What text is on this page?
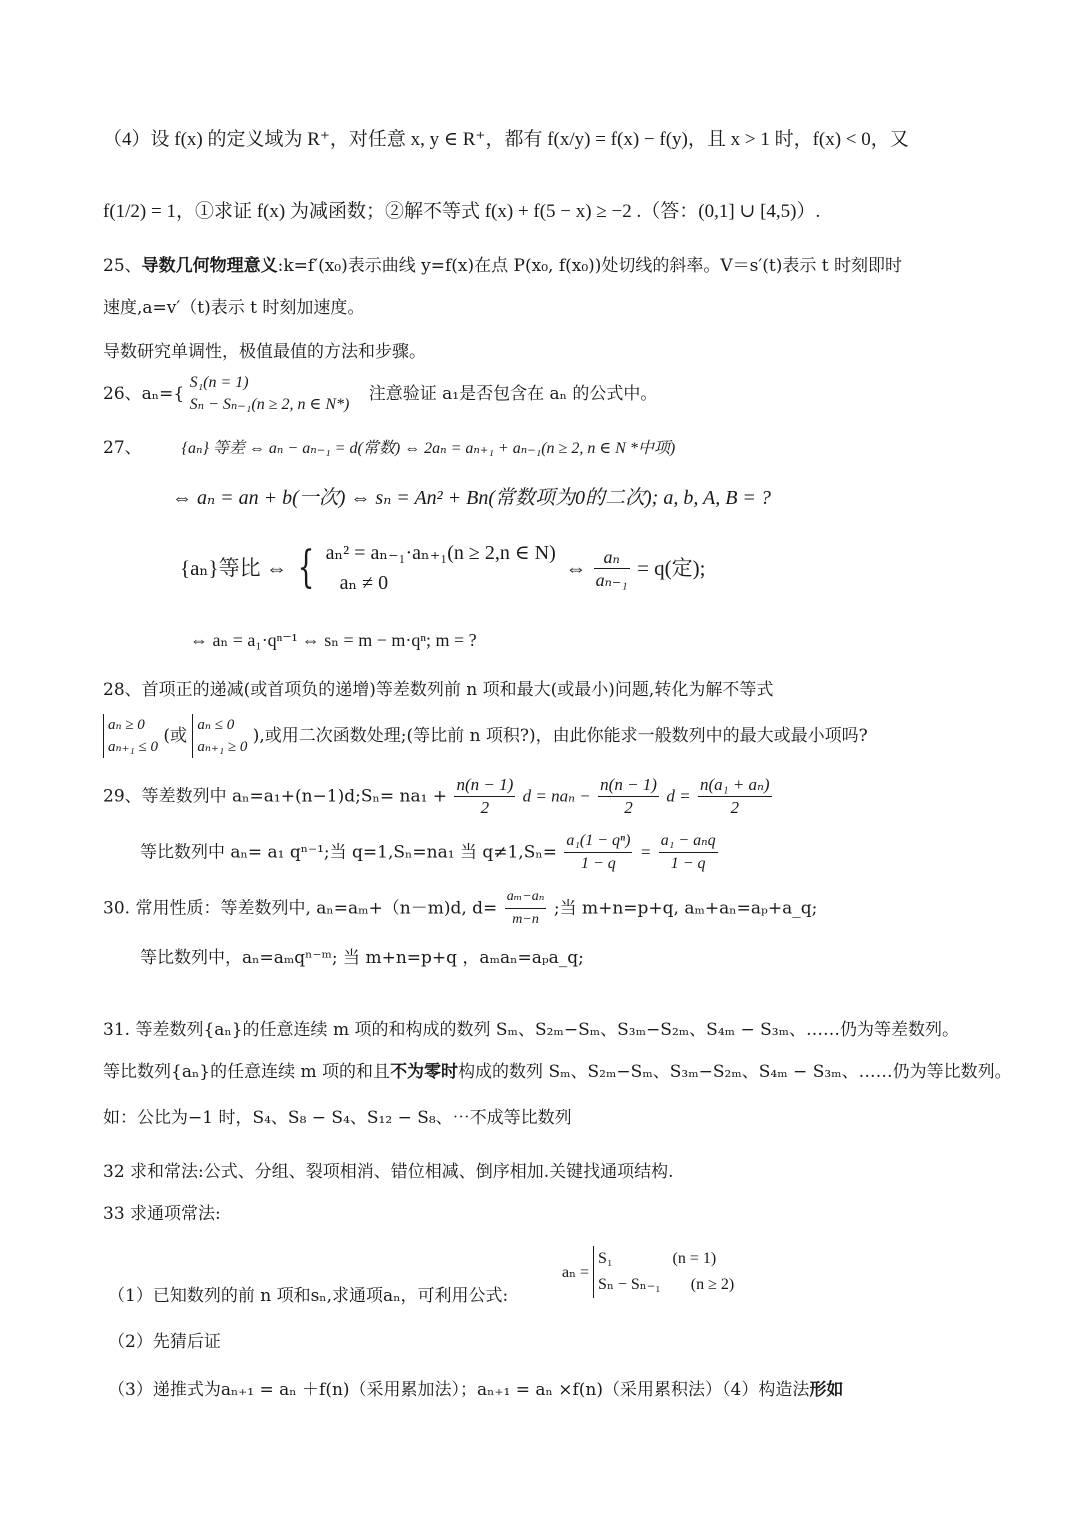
（4）设 f(x) 的定义域为 R⁺，对任意 x, y ∈ R⁺，都有 f(x/y) = f(x) − f(y)，且 x > 1 时，f(x) < 0，又
f(1/2) = 1，①求证 f(x) 为减函数；②解不等式 f(x) + f(5 − x) ≥ −2 .（答：(0,1] ∪ [4,5)）.
25、导数几何物理意义:k=f′(x₀)表示曲线 y=f(x)在点 P(x₀, f(x₀))处切线的斜率。V＝s′(t)表示 t 时刻即时
速度,a=v′（t)表示 t 时刻加速度。
导数研究单调性，极值最值的方法和步骤。
26、aₙ={
S₁(n = 1)
Sₙ − Sₙ₋₁(n ≥ 2, n ∈ N*)
注意验证 a₁是否包含在 aₙ 的公式中。
27、	{aₙ} 等差 ⇔ aₙ − aₙ₋₁ = d(常数) ⇔ 2aₙ = aₙ₊₁ + aₙ₋₁(n ≥ 2, n ∈ N *中项)
⇔ aₙ = an + b(一次) ⇔ sₙ = An² + Bn(常数项为0的二次); a, b, A, B = ?
{aₙ}等比 ⇔ { aₙ² = aₙ₋₁·aₙ₊₁(n ≥ 2,n ∈ N)
aₙ ≠ 0
⇔ $\frac{\text{aₙ}}{\text{aₙ₋₁}} = q$(定);
⇔ aₙ = a₁·qⁿ⁻¹ ⇔ sₙ = m − m·qⁿ; m = ?
28、首项正的递减(或首项负的递增)等差数列前 n 项和最大(或最小)问题,转化为解不等式
aₙ ≥ 0
aₙ₊₁ ≤ 0
(或
aₙ ≤ 0
aₙ₊₁ ≥ 0
),或用二次函数处理;(等比前 n 项积?)，由此你能求一般数列中的最大或最小项吗?
29、等差数列中 aₙ=a₁+(n−1)d;Sₙ= $na_1 + \frac{n(n - 1)}{2}$ $d = na_n - \frac{n(n - 1)}{2}$ $d = \frac{\text{n(a₁ + aₙ)}}{2}$
等比数列中 aₙ= a₁ qⁿ⁻¹;当 q=1,Sₙ=na₁ 当 $q\ne 1,S_n= \frac{\text{a₁(1 − qⁿ)}}{1 - q} = \frac{\text{a₁ − aₙq}}{1 - q}$
30. 常用性质：等差数列中, aₙ=aₘ+（n－m)d, $d= \frac{\text{aₘ−aₙ}}{m-n}$ ;当 m+n=p+q, aₘ+aₙ=aₚ+a_q;
等比数列中，aₙ=aₘqⁿ⁻ᵐ; 当 m+n=p+q ，aₘaₙ=aₚa_q;
31. 等差数列{aₙ}的任意连续 m 项的和构成的数列 Sₘ、S₂ₘ−Sₘ、S₃ₘ−S₂ₘ、S₄ₘ − S₃ₘ、……仍为等差数列。
等比数列{aₙ}的任意连续 m 项的和且不为零时构成的数列 Sₘ、S₂ₘ−Sₘ、S₃ₘ−S₂ₘ、S₄ₘ − S₃ₘ、……仍为等比数列。
如：公比为−1 时，S₄、S₈ − S₄、S₁₂ − S₈、⋯不成等比数列
32 求和常法:公式、分组、裂项相消、错位相减、倒序相加.关键找通项结构.
33 求通项常法:
aₙ =
S₁	(n = 1)
Sₙ − Sₙ₋₁ (n ≥ 2)
（1）已知数列的前 n 项和sₙ,求通项aₙ，可利用公式:
（2）先猜后证
（3）递推式为aₙ₊₁ = aₙ ＋f(n)（采用累加法）；aₙ₊₁ = aₙ ×f(n)（采用累积法）（4）构造法形如
